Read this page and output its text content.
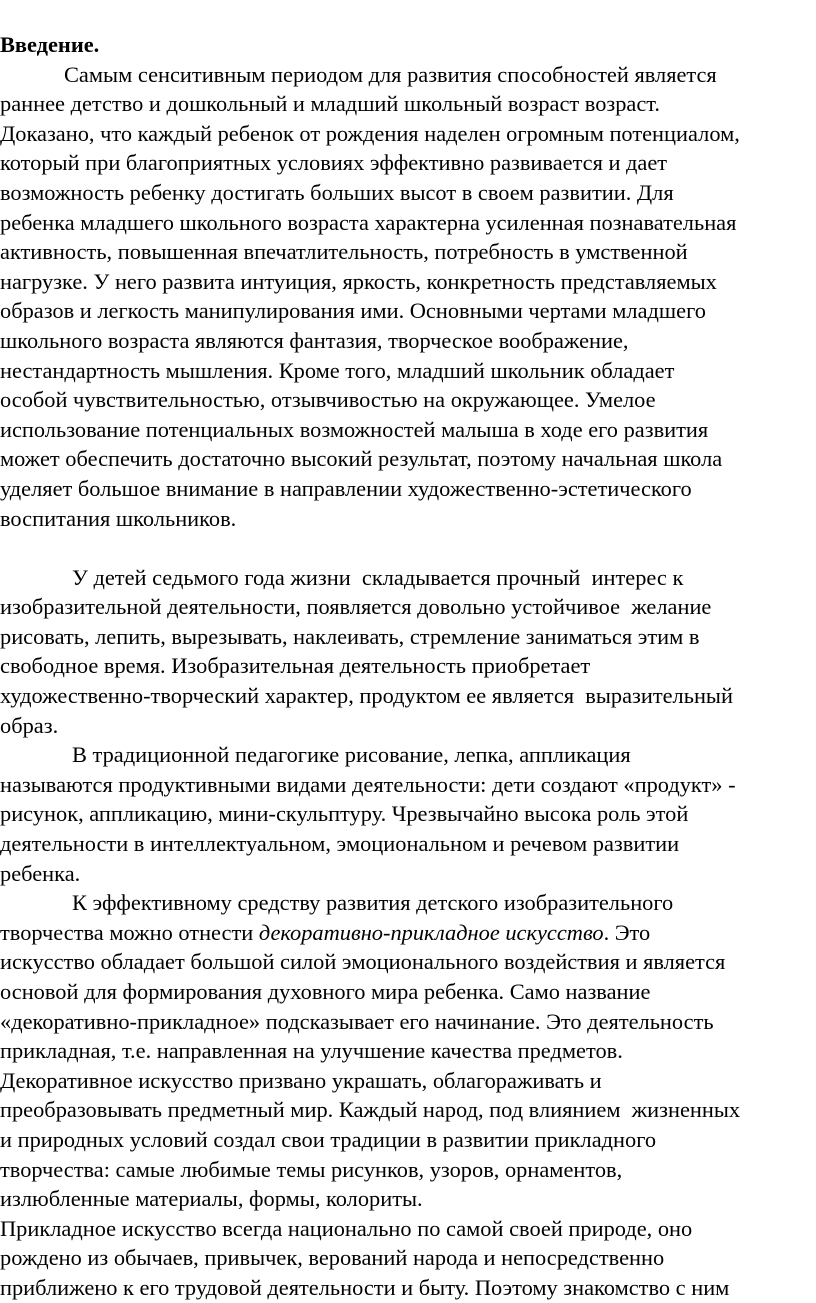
Введение.
Самым сенситивным периодом для развития способностей является
раннее детство и дошкольный и младший школьный возраст возраст.
Доказано, что каждый ребенок от рождения наделен огромным потенциалом,
который при благоприятных условиях эффективно развивается и дает
возможность ребенку достигать больших высот в своем развитии. Для
ребенка младшего школьного возраста характерна усиленная познавательная
активность, повышенная впечатлительность, потребность в умственной
нагрузке. У него развита интуиция, яркость, конкретность представляемых
образов и легкость манипулирования ими. Основными чертами младшего
школьного возраста являются фантазия, творческое воображение,
нестандартность мышления. Кроме того, младший школьник обладает
особой чувствительностью, отзывчивостью на окружающее. Умелое
использование потенциальных возможностей малыша в ходе его развития
может обеспечить достаточно высокий результат, поэтому начальная школа
уделяет большое внимание в направлении художественно-эстетического
воспитания школьников.
У детей седьмого года жизни  складывается прочный  интерес к
изобразительной деятельности, появляется довольно устойчивое  желание
рисовать, лепить, вырезывать, наклеивать, стремление заниматься этим в
свободное время. Изобразительная деятельность приобретает
художественно-творческий характер, продуктом ее является  выразительный
образ.
В традиционной педагогике рисование, лепка, аппликация
называются продуктивными видами деятельности: дети создают «продукт» -
рисунок, аппликацию, мини-скульптуру. Чрезвычайно высока роль этой
деятельности в интеллектуальном, эмоциональном и речевом развитии
ребенка.
К эффективному средству развития детского изобразительного
творчества можно отнести декоративно-прикладное искусство. Это
искусство обладает большой силой эмоционального воздействия и является
основой для формирования духовного мира ребенка. Само название
«декоративно-прикладное» подсказывает его начинание. Это деятельность
прикладная, т.е. направленная на улучшение качества предметов.
Декоративное искусство призвано украшать, облагораживать и
преобразовывать предметный мир. Каждый народ, под влиянием  жизненных
и природных условий создал свои традиции в развитии прикладного
творчества: самые любимые темы рисунков, узоров, орнаментов,
излюбленные материалы, формы, колориты.
Прикладное искусство всегда национально по самой своей природе, оно
рождено из обычаев, привычек, верований народа и непосредственно
приближено к его трудовой деятельности и быту. Поэтому знакомство с ним
